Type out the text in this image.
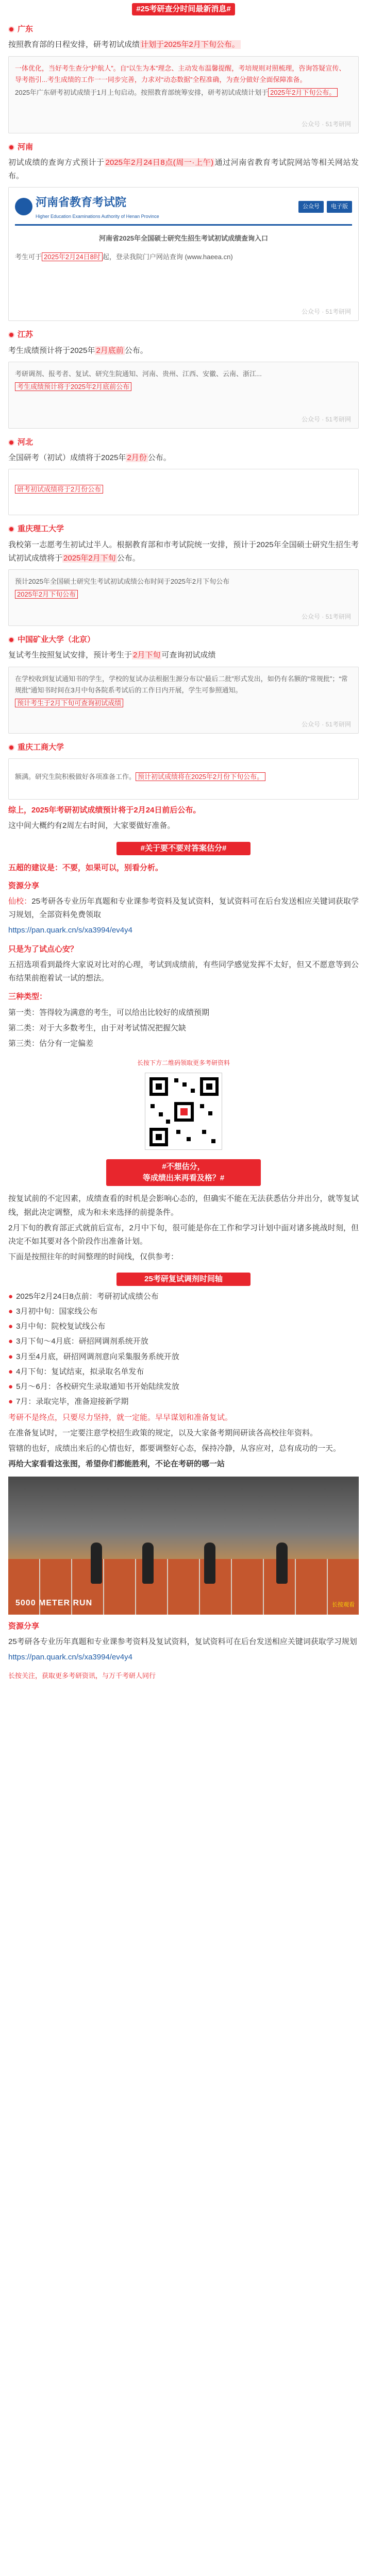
#25考研查分时间最新消息#
广东

按照教育部的日程安排，研考初试成绩 计划于2025年2月下旬公布。

一体优化，当好考生查分“护航人”。自“以生为本”理念、主动发布温馨提醒，考培规则对照梳理，咨询答疑宣传、导考指引...考生成绩的工作一一同步完善，力求对“动态数据”全程准确，为查分做好全面保障准备。

2025年广东研考初试成绩于1月上旬启动。按照教育部统筹安排，研考初试成绩计划于 2025年2月下旬公布。

公众号 · 51考研网
河南

初试成绩的查询方式预计于 2025年2月24日8点(周一·上午) 通过河南省教育考试院网站等相关网站发布。

河南省教育考试院
Higher Education Examinations Authority of Henan Province
公众号	电子版

河南省2025年全国硕士研究生招生考试初试成绩查询入口

考生可于 2025年2月24日8时 起，登录我院门户网站查询 (www.haeea.cn)

公众号 · 51考研网
江苏

考生成绩预计将于2025年 2月底前 公布。

考研调剂、报考者、复试、研究生院通知、河南、贵州、江西、安徽、云南、浙江...

考生成绩预计将于2025年2月底前公布

公众号 · 51考研网
河北

全国研考（初试）成绩将于2025年 2月份 公布。

研考初试成绩将于2月份公布

重庆理工大学

我校第一志愿考生初试过半人。根据教育部和市考试院统一安排，预计于2025年全国硕士研究生招生考试初试成绩将于 2025年2月下旬 公布。

预计2025年全国硕士研究生考试初试成绩公布时间于2025年2月下旬公布

2025年2月下旬公布

公众号 · 51考研网
中国矿业大学（北京）

复试考生按照复试安排，预计考生于 2月下旬 可查询初试成绩

在学校收到复试通知书的学生，学校的复试办法根据生源分布以“最后二批”形式发出，如仍有名额的“常规批”；“常规批”通知书时间在3月中旬各院系考试后的工作日内开展，学生可参照通知。

预计考生于2月下旬可查询初试成绩

公众号 · 51考研网
重庆工商大学

额满。研究生院积极做好各项准备工作。 预计初试成绩将在2025年2月份下旬公布。

综上，2025年考研初试成绩预计将于2月24日前后公布。

这中间大概约有2周左右时间，大家要做好准备。

#关于要不要对答案估分#

五超的建议是：不要，如果可以，别看分析。

资源分享

仙校：25考研各专业历年真题和专业课参考资料及复试资料，复试资料可在后台发送相应关键词获取学习规划，全部资料免费领取

https://pan.quark.cn/s/xa3994/ev4y4

只是为了试点心安？

五招选项看到最终大家说对比对的心理，考试到成绩前，有些同学感觉发挥不太好，但又不愿意等到公布结果前抱着试一试的想法。

三种类型：

第一类：答得较为满意的考生，可以给出比较好的成绩预期

第二类：对于大多数考生，由于对考试情况把握欠缺

第三类：估分有一定偏差

长按下方二维码领取更多考研资料
#不想估分，
等成绩出来再看及格？#

按复试前的不定因素，成绩查看的时机是会影响心态的，但确实不能在无法获悉估分并出分，就等复试线，据此决定调整，成为和未来选择的前提条件。

2月下旬的教育部正式就前后宣布，2月中下旬，很可能是你在工作和学习计划中面对诸多挑战时刻，但决定不如其要对各个阶段作出准备计划。

下面是按照往年的时间整理的时间线，仅供参考：

25考研复试调剂时间轴
● 2025年2月24日8点前：考研初试成绩公布
● 3月初中旬：国家线公布
● 3月中旬：院校复试线公布
● 3月下旬～4月底：研招网调剂系统开放
● 3月至4月底，研招网调剂意向采集服务系统开放
● 4月下旬：复试结束，拟录取名单发布
● 5月～6月：各校研究生录取通知书开始陆续发放
● 7月：录取完毕，准备迎接新学期

考研不是终点，只要尽力坚持，就一定能。早早谋划和准备复试。

在准备复试时，一定要注意学校招生政策的规定，以及大家备考期间研读各高校往年资料。

管辖的也好，成绩出来后的心情也好，都要调整好心态，保持冷静，从容应对，总有成功的一天。

再给大家看看这张图，希望你们都能胜利，不论在考研的哪一站

5000 METER RUN	长按观看
资源分享

25考研各专业历年真题和专业课参考资料及复试资料，复试资料可在后台发送相应关键词获取学习规划

https://pan.quark.cn/s/xa3994/ev4y4

长按关注，获取更多考研资讯，与万千考研人同行
